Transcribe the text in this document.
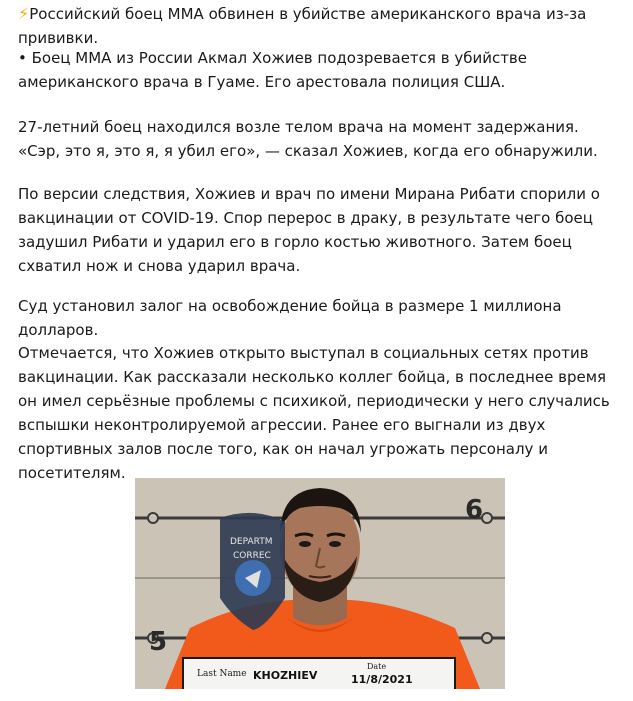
⚡Российский боец ММА обвинен в убийстве американского врача из-за прививки.

• Боец ММА из России Акмал Хожиев подозревается в убийстве американского врача в Гуаме. Его арестовала полиция США.

27-летний боец находился возле телом врача на момент задержания. «Сэр, это я, это я, я убил его», — сказал Хожиев, когда его обнаружили.

По версии следствия, Хожиев и врач по имени Мирана Рибати спорили о вакцинации от COVID-19. Спор перерос в драку, в результате чего боец задушил Рибати и ударил его в горло костью животного. Затем боец схватил нож и снова ударил врача.

Суд установил залог на освобождение бойца в размере 1 миллиона долларов.

Отмечается, что Хожиев открыто выступал в социальных сетях против вакцинации. Как рассказали несколько коллег бойца, в последнее время он имел серьёзные проблемы с психикой, периодически у него случались вспышки неконтролируемой агрессии. Ранее его выгнали из двух спортивных залов после того, как он начал угрожать персоналу и посетителям.

6
5
DEPARTM
CORREC
Last Name KHOZHIEV
Date
11/8/2021
